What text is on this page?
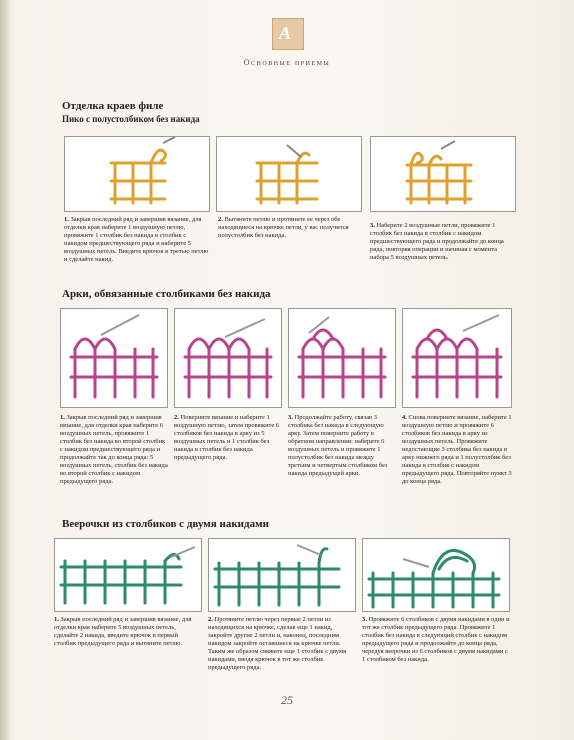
A
Основные приемы
Отделка краев филе
Пико с полустолбиком без накида
1. Закрыв последний ряд и завершив вязание, для отделки края наберите 1 воздушную петлю, провяжите 1 столбик без накида в столбик с накидом предшествующего ряда и наберите 5 воздушных петель. Введите крючок в третью петлю и сделайте накид.
2. Вытяните петлю и протяните ее через обе находящиеся на крючке петли, у вас получится полустолбик без накида.
3. Наберите 2 воздушные петли, провяжите 1 столбик без накида в столбик с накидом предшествующего ряда и продолжайте до конца ряда, повторяя операции и начиная с момента набора 5 воздушных петель.
Арки, обвязанные столбиками без накида
1. Закрыв последний ряд и завершив вязание, для отделки края наберите 6 воздушных петель, провяжите 1 столбик без накида во второй столбик с накидом предшествующего ряда и продолжайте так до конца ряда: 5 воздушных петель, столбик без накида во второй столбик с накидом предыдущего ряда.
2. Поверните вязание и наберите 1 воздушную петлю, затем провяжите 6 столбиков без накида в арку из 5 воздушных петель и 1 столбик без накида в столбик без накида предыдущего ряда.
3. Продолжайте работу, связав 3 столбика без накида в следующую арку. Затем поверните работу в обратном направлении: наберите 6 воздушных петель и провяжите 1 полустолбик без накида между третьим и четвертым столбиком без накида предыдущей арки.
4. Снова поверните вязание, наберите 1 воздушную петлю и провяжите 6 столбиков без накида в арку из воздушных петель. Провяжите недостающие 3 столбика без накида в арку нижнего ряда и 1 полустолбик без накида в столбик с накидом предыдущего ряда. Повторяйте пункт 3 до конца ряда.
Веерочки из столбиков с двумя накидами
1. Закрыв последний ряд и завершив вязание, для отделки края наберите 5 воздушных петель, сделайте 2 накида, введите крючок в первый столбик предыдущего ряда и вытяните петлю.
2. Протяните петлю через первые 2 петли из находящихся на крючке, сделав еще 1 накид, закройте другие 2 петли и, наконец, последним накидом закройте оставшиеся на крючке петли. Таким же образом свяжите еще 1 столбик с двумя накидами, вводя крючок в тот же столбик предыдущего ряда.
3. Провяжите 6 столбиков с двумя накидами в один и тот же столбик предыдущего ряда. Провяжите 1 столбик без накида в следующий столбик с накидом предыдущего ряда и продолжайте до конца ряда, чередуя веерочки из 6 столбиков с двумя накидами с 1 столбиком без накида.
25
